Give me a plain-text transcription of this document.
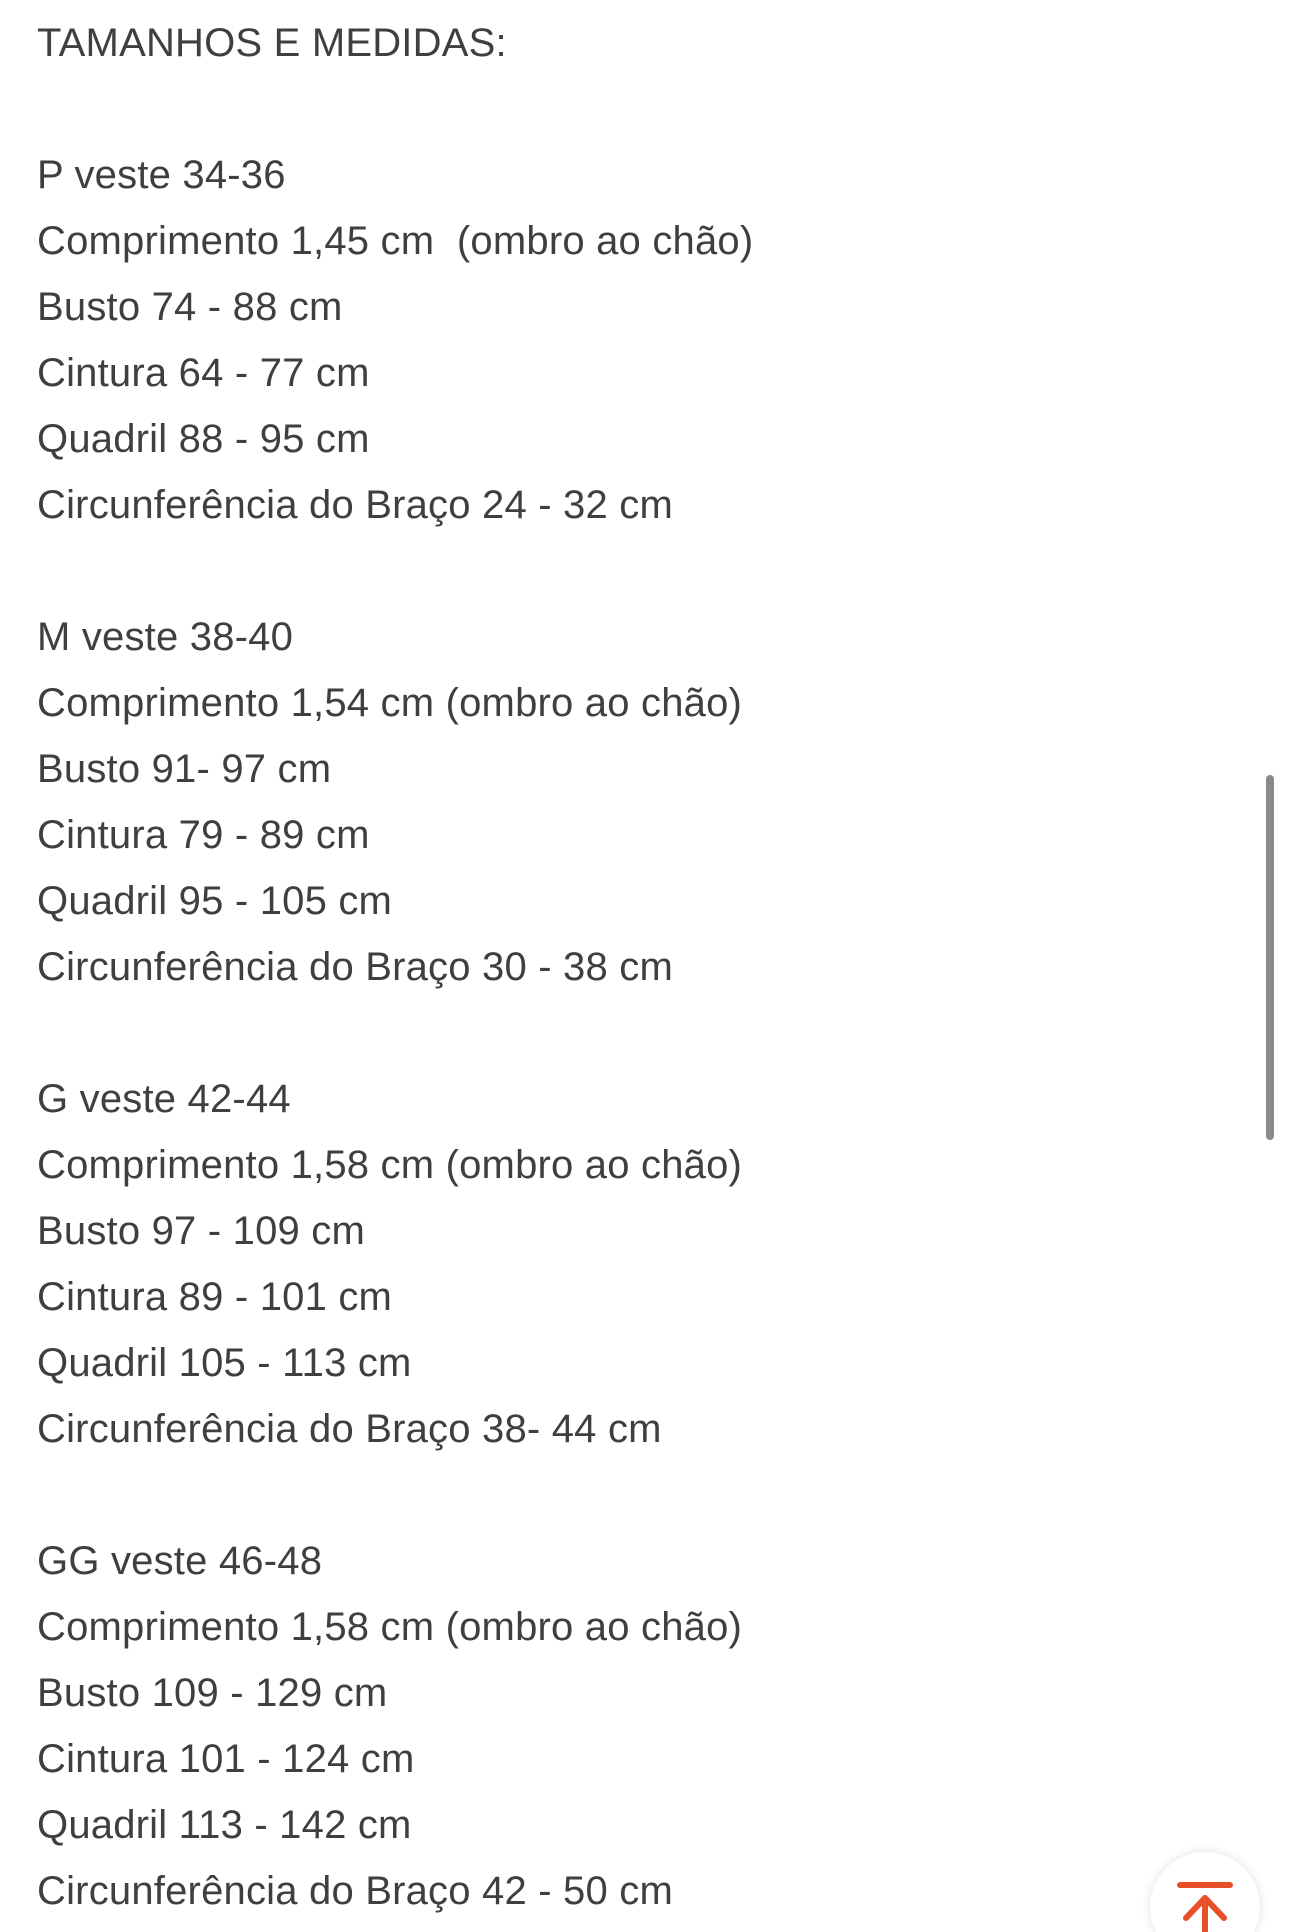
TAMANHOS E MEDIDAS:
P veste 34-36
Comprimento 1,45 cm  (ombro ao chão)
Busto 74 - 88 cm
Cintura 64 - 77 cm
Quadril 88 - 95 cm
Circunferência do Braço 24 - 32 cm
M veste 38-40
Comprimento 1,54 cm (ombro ao chão)
Busto 91- 97 cm
Cintura 79 - 89 cm
Quadril 95 - 105 cm
Circunferência do Braço 30 - 38 cm
G veste 42-44
Comprimento 1,58 cm (ombro ao chão)
Busto 97 - 109 cm
Cintura 89 - 101 cm
Quadril 105 - 113 cm
Circunferência do Braço 38- 44 cm
GG veste 46-48
Comprimento 1,58 cm (ombro ao chão)
Busto 109 - 129 cm
Cintura 101 - 124 cm
Quadril 113 - 142 cm
Circunferência do Braço 42 - 50 cm
